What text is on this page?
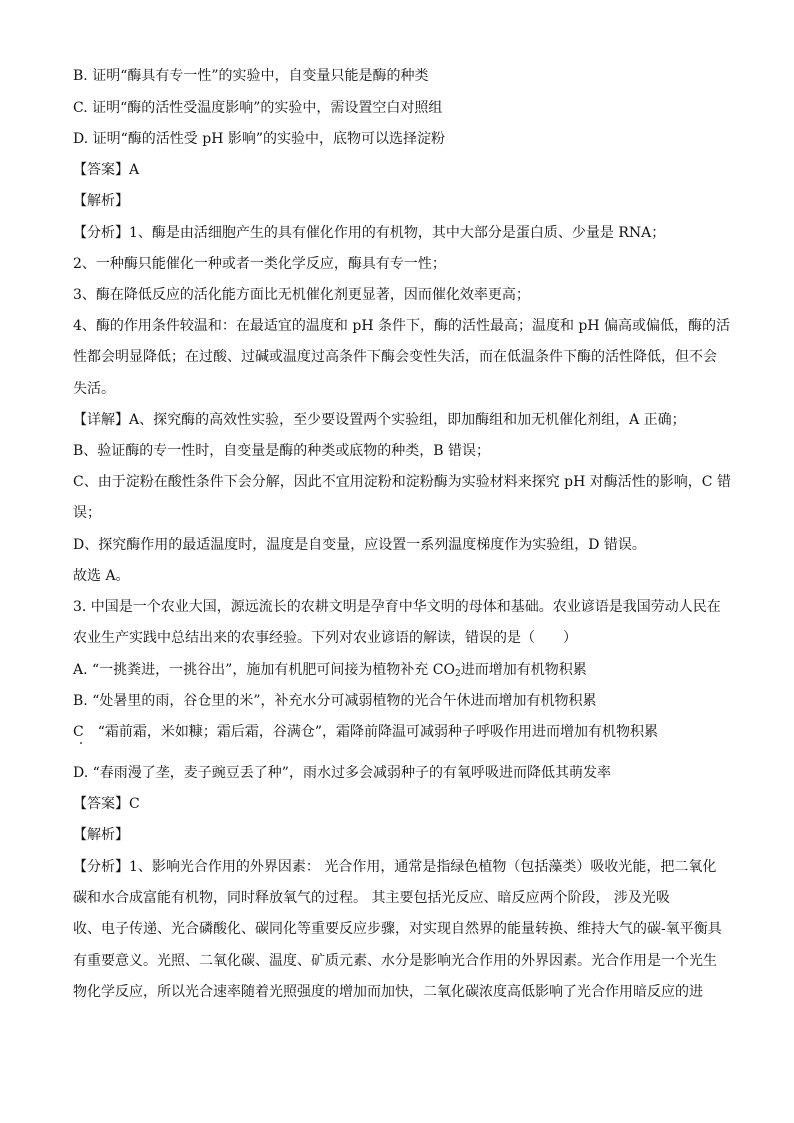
B. 证明“酶具有专一性”的实验中，自变量只能是酶的种类
C. 证明“酶的活性受温度影响”的实验中，需设置空白对照组
D. 证明“酶的活性受 pH 影响”的实验中，底物可以选择淀粉
【答案】A
【解析】
【分析】1、酶是由活细胞产生的具有催化作用的有机物，其中大部分是蛋白质、少量是 RNA；
2、一种酶只能催化一种或者一类化学反应，酶具有专一性；
3、酶在降低反应的活化能方面比无机催化剂更显著，因而催化效率更高；
4、酶的作用条件较温和：在最适宜的温度和 pH 条件下，酶的活性最高；温度和 pH 偏高或偏低，酶的活
性都会明显降低；在过酸、过碱或温度过高条件下酶会变性失活，而在低温条件下酶的活性降低，但不会
失活。
【详解】A、探究酶的高效性实验，至少要设置两个实验组，即加酶组和加无机催化剂组，A 正确；
B、验证酶的专一性时，自变量是酶的种类或底物的种类，B 错误；
C、由于淀粉在酸性条件下会分解，因此不宜用淀粉和淀粉酶为实验材料来探究 pH 对酶活性的影响，C 错
误；
D、探究酶作用的最适温度时，温度是自变量，应设置一系列温度梯度作为实验组，D 错误。
故选 A。
3. 中国是一个农业大国，源远流长的农耕文明是孕育中华文明的母体和基础。农业谚语是我国劳动人民在
农业生产实践中总结出来的农事经验。下列对农业谚语的解读，错误的是（　　）
A. “一挑粪进，一挑谷出”，施加有机肥可间接为植物补充 $CO_2$进而增加有机物积累
B. “处暑里的雨，谷仓里的米”，补充水分可减弱植物的光合午休进而增加有机物积累
C　“霜前霜，米如糠；霜后霜，谷满仓”，霜降前降温可减弱种子呼吸作用进而增加有机物积累
D. “春雨漫了垄，麦子豌豆丢了种”，雨水过多会减弱种子的有氧呼吸进而降低其萌发率
【答案】C
【解析】
【分析】1、影响光合作用的外界因素： 光合作用，通常是指绿色植物（包括藻类）吸收光能，把二氧化
碳和水合成富能有机物，同时释放氧气的过程。 其主要包括光反应、暗反应两个阶段， 涉及光吸
收、电子传递、光合磷酸化、碳同化等重要反应步骤，对实现自然界的能量转换、维持大气的碳-氧平衡具
有重要意义。光照、二氧化碳、温度、矿质元素、水分是影响光合作用的外界因素。光合作用是一个光生
物化学反应，所以光合速率随着光照强度的增加而加快，二氧化碳浓度高低影响了光合作用暗反应的进
